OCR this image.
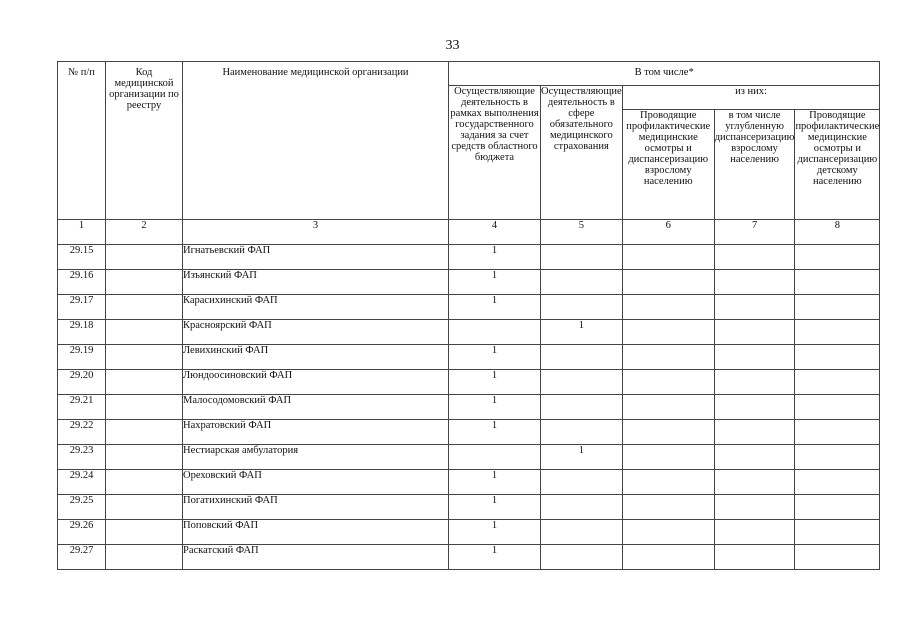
33
№ п/п	Код медицинской организации по реестру	Наименование медицинской организации	В том числе*				
			Осуществляющие деятельность в рамках выполнения государственного задания за счет средств областного бюджета	Осуществляющие деятельность в сфере обязательного медицинского страхования	из них:		
					Проводящие профилактические медицинские осмотры и диспансеризацию взрослому населению	в том числе углубленную диспансеризацию взрослому населению	Проводящие профилактические медицинские осмотры и диспансеризацию детскому населению
1	2	3	4	5	6	7	8
29.15		Игнатьевский ФАП	1				
29.16		Изъянский ФАП	1				
29.17		Карасихинский ФАП	1				
29.18		Красноярский ФАП		1			
29.19		Левихинский ФАП	1				
29.20		Люндоосиновский ФАП	1				
29.21		Малосодомовский ФАП	1				
29.22		Нахратовский ФАП	1				
29.23		Нестиарская амбулатория		1			
29.24		Ореховский ФАП	1				
29.25		Погатихинский ФАП	1				
29.26		Поповский ФАП	1				
29.27		Раскатский ФАП	1				
